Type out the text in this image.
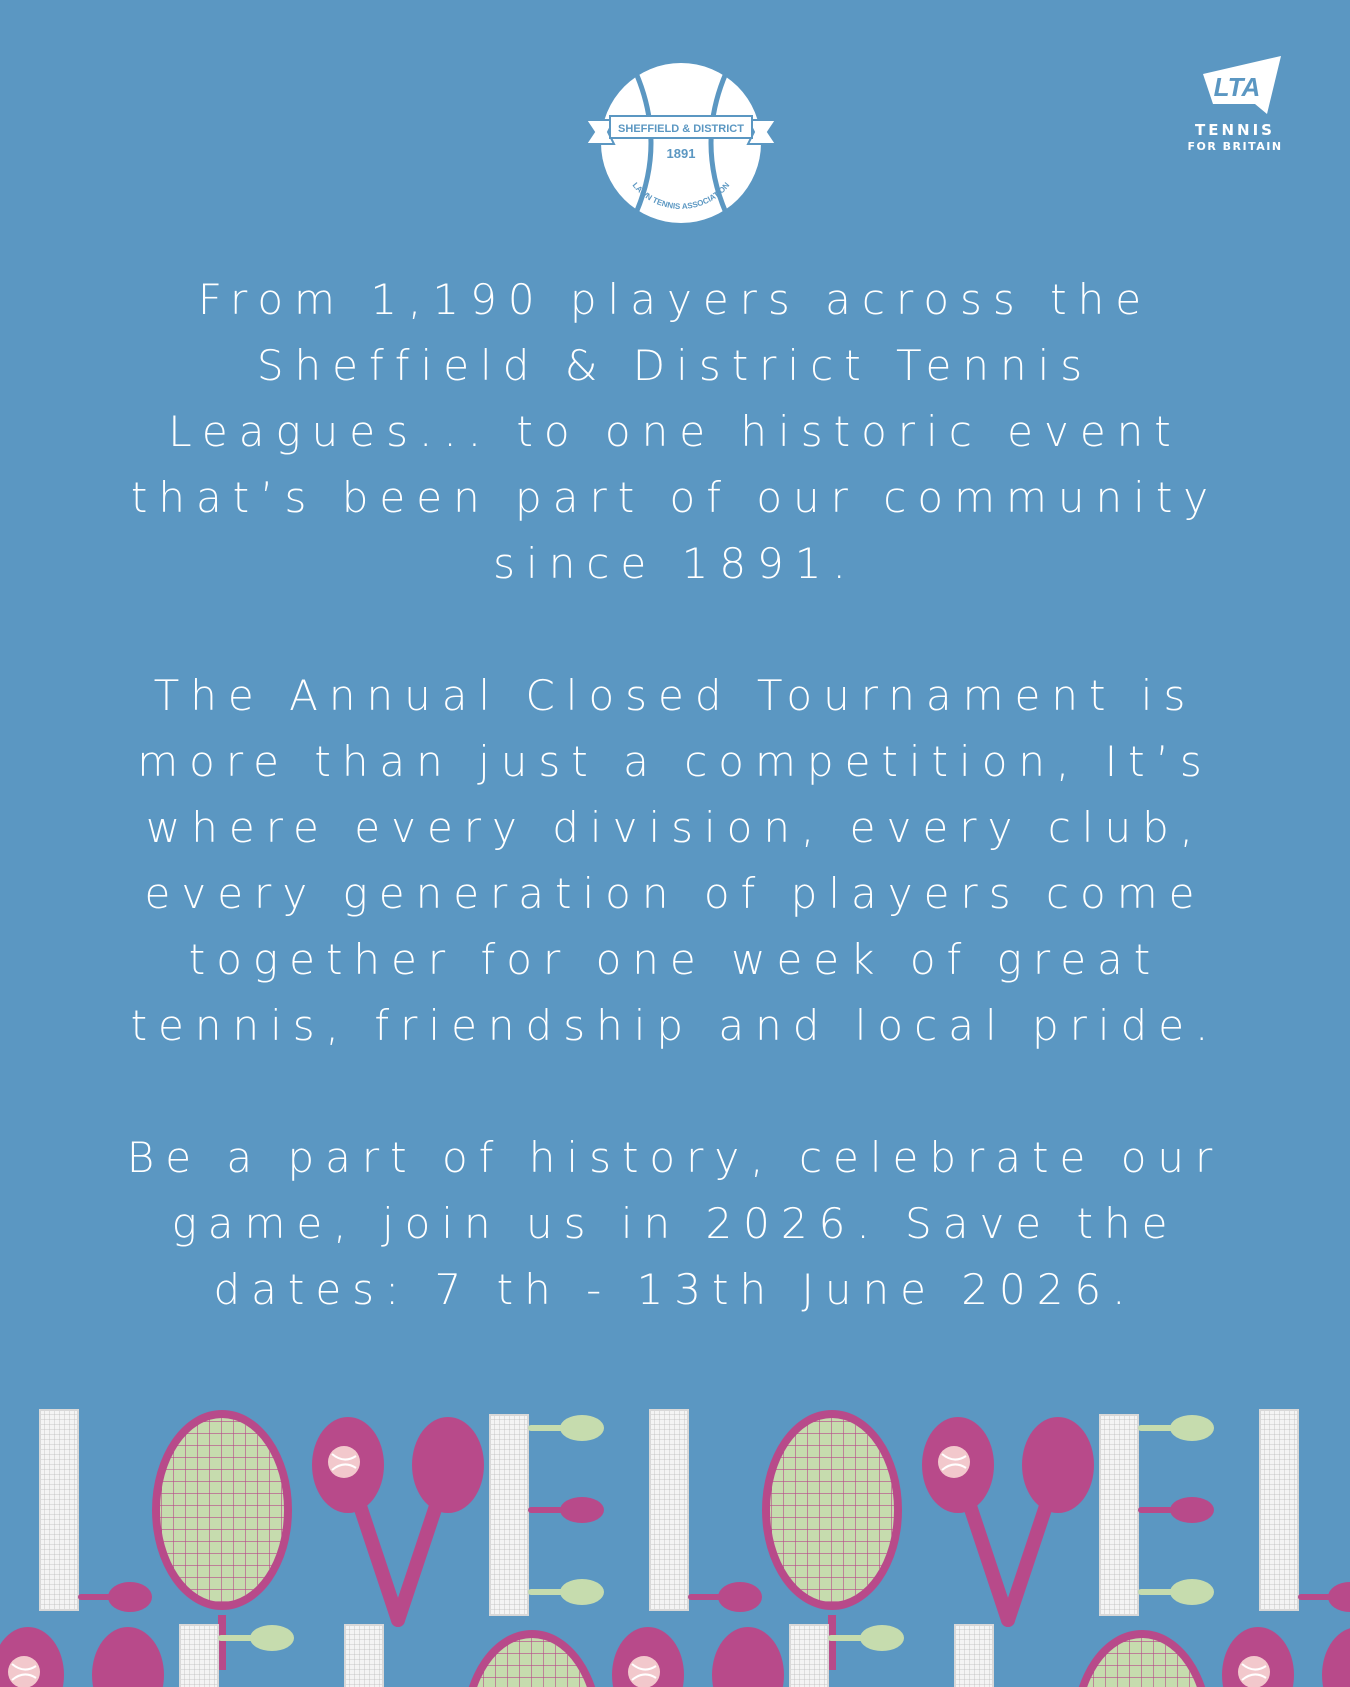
SHEFFIELD & DISTRICT
1891
LAWN TENNIS ASSOCIATION
LTA
TENNIS
FOR BRITAIN

From 1,190 players across the
Sheffield & District Tennis
Leagues... to one historic event
that’s been part of our community
since 1891.

The Annual Closed Tournament is
more than just a competition, It’s
where every division, every club,
every generation of players come
together for one week of great
tennis, friendship and local pride.

Be a part of history, celebrate our
game, join us in 2026. Save the
dates: 7 th - 13th June 2026.
